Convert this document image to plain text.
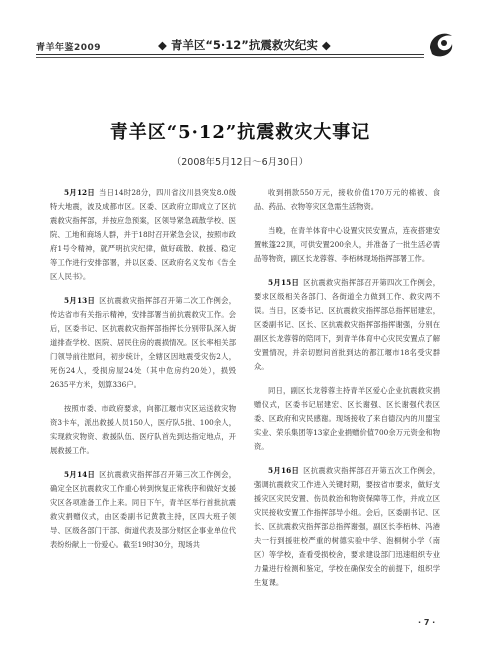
青羊年鉴2009	◆ 青羊区“5·12”抗震救灾纪实 ◆
青羊区“5·12”抗震救灾大事记
（2008年5月12日～6月30日）

5月12日 当日14时28分，四川省汶川县突发8.0级特大地震，波及成都市区。区委、区政府立即成立了区抗震救灾指挥部，并按应急预案，区领导紧急疏散学校、医院、工地和商场人群，并于18时召开紧急会议，按照市政府1号令精神，就严明抗灾纪律，做好疏散、救援、稳定等工作进行安排部署，并以区委、区政府名义发布《告全区人民书》。

5月13日 区抗震救灾指挥部召开第二次工作例会，传达省市有关指示精神，安排部署当前抗震救灾工作。会后，区委书记、区抗震救灾指挥部指挥长分别带队深入街道排查学校、医院、居民住房的震损情况。区长率相关部门领导前往慰问，初步统计，全辖区因地震受灾伤2人，死伤24人，受损房屋24处（其中危房约20处），损毁2635平方米，划算336户。

按照市委、市政府要求，向都江堰市灾区运送救灾物资3卡车，派出救援人员150人，医疗队5批、100余人，实现救灾物资、救援队伍、医疗队首先到达指定地点，开展救援工作。

5月14日 区抗震救灾指挥部召开第三次工作例会，确定全区抗震救灾工作重心转到恢复正常秩序和做好支援灾区各项准备工作上来。同日下午，青羊区举行首批抗震救灾捐赠仪式，由区委副书记黄教主持，区四大班子领导、区级各部门干部、街道代表及部分财区企事业单位代表纷纷献上一份爱心。截至19时30分，现场共

收到捐款550万元，接收价值170万元的棉被、食品、药品、衣物等灾区急需生活物资。

当晚，在青羊体育中心设置灾民安置点，连夜搭建安置帐篷22顶，可供安置200余人，并准备了一批生活必需品等物资，副区长龙蓉蓉、李栢林现场指挥部署工作。

5月15日 区抗震救灾指挥部召开第四次工作例会，要求区级相关各部门、各街道全力做到工作、救灾两不误。当日，区委书记、区抗震救灾指挥部总指挥屈建宏，区委副书记、区长、区抗震救灾指挥部指挥谢强，分别在副区长龙蓉蓉的陪同下，到青羊体育中心灾民安置点了解安置情况，并亲切慰问首批到达的都江堰市18名受灾群众。

同日，副区长龙蓉蓉主持青羊区爱心企业抗震救灾捐赠仪式，区委书记屈建宏、区长谢强、区长谢强代表区委、区政府和灾民感谢。现场接收了来自德汉内的川盟宝实业、荣乐集团等13家企业捐赠价值700余万元资金和物资。

5月16日 区抗震救灾指挥部召开第五次工作例会，强调抗震救灾工作进入关键时期，要按省市要求，做好支援灾区灾民安置、伤员救治和物资保障等工作，并成立区灾民接收安置工作指挥部导小组。会后，区委副书记、区长、区抗震救灾指挥部总指挥谢强，副区长李栢林、冯港夫一行到援驻校严重的树德实验中学、泡桐树小学（南区）等学校，查看受损校舍，要求建设部门迅速组织专业力量进行检测和鉴定，学校在确保安全的前提下，组织学生复课。

· 7 ·
